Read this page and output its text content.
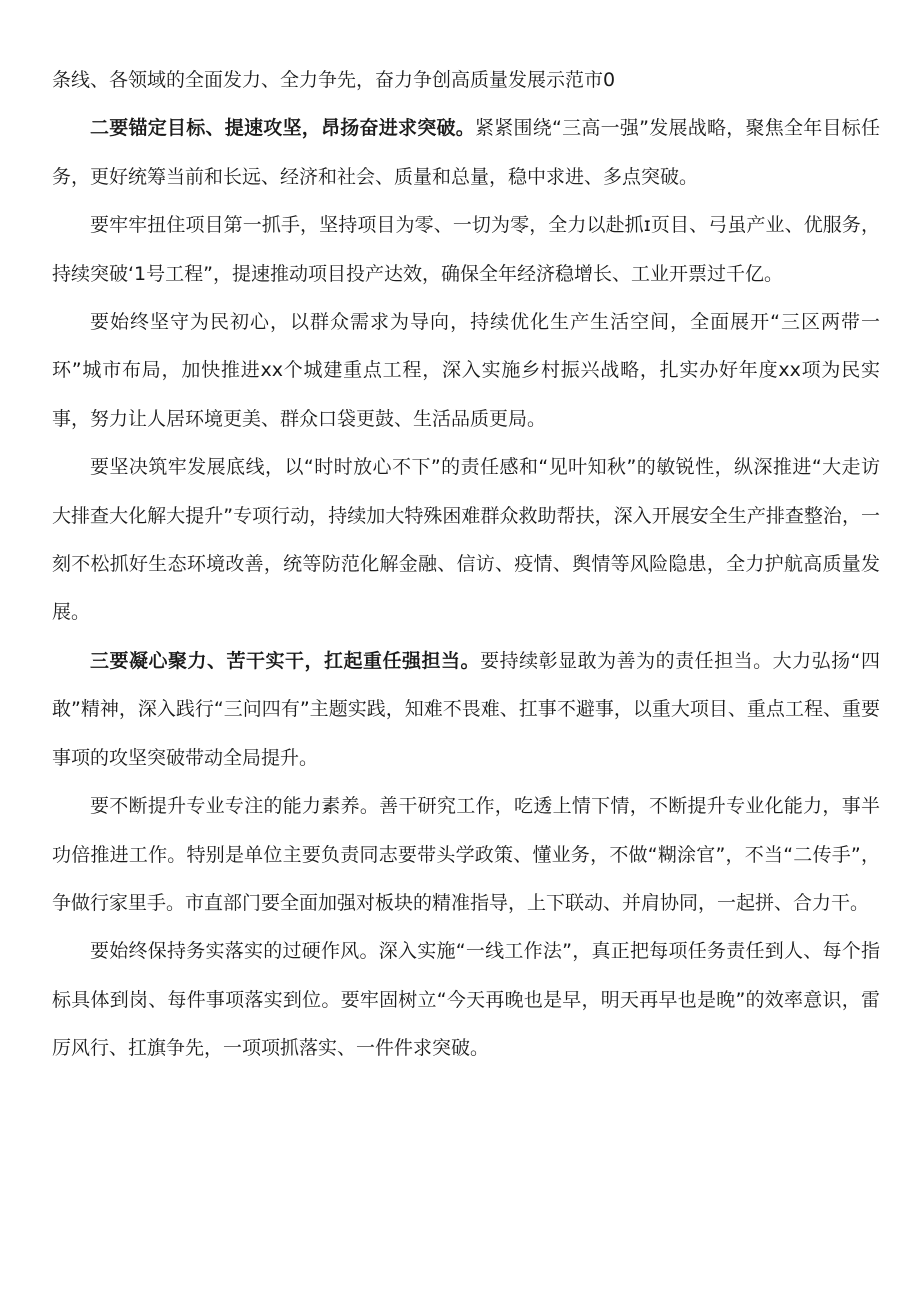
条线、各领域的全面发力、全力争先，奋力争创高质量发展示范市0

二要锚定目标、提速攻坚，昂扬奋进求突破。紧紧围绕“三高一强”发展战略，聚焦全年目标任务，更好统筹当前和长远、经济和社会、质量和总量，稳中求进、多点突破。

要牢牢扭住项目第一抓手，坚持项目为零、一切为零，全力以赴抓ɪ页目、弓虽产业、优服务，持续突破‘1号工程”，提速推动项目投产达效，确保全年经济稳增长、工业开票过千亿。

要始终坚守为民初心，以群众需求为导向，持续优化生产生活空间，全面展开“三区两带一环”城市布局，加快推进xx个城建重点工程，深入实施乡村振兴战略，扎实办好年度xx项为民实事，努力让人居环境更美、群众口袋更鼓、生活品质更局。

要坚决筑牢发展底线，以“时时放心不下”的责任感和“见叶知秋”的敏锐性，纵深推进“大走访大排查大化解大提升”专项行动，持续加大特殊困难群众救助帮扶，深入开展安全生产排查整治，一刻不松抓好生态环境改善，统等防范化解金融、信访、疫情、舆情等风险隐患，全力护航高质量发展。

三要凝心聚力、苦干实干，扛起重任强担当。要持续彰显敢为善为的责任担当。大力弘扬“四敢”精神，深入践行“三问四有”主题实践，知难不畏难、扛事不避事，以重大项目、重点工程、重要事项的攻坚突破带动全局提升。

要不断提升专业专注的能力素养。善干研究工作，吃透上情下情，不断提升专业化能力，事半功倍推进工作。特别是单位主要负责同志要带头学政策、懂业务，不做“糊涂官”，不当“二传手”，争做行家里手。市直部门要全面加强对板块的精准指导，上下联动、并肩协同，一起拼、合力干。

要始终保持务实落实的过硬作风。深入实施“一线工作法”，真正把每项任务责任到人、每个指标具体到岗、每件事项落实到位。要牢固树立“今天再晚也是早，明天再早也是晚”的效率意识，雷厉风行、扛旗争先，一项项抓落实、一件件求突破。
